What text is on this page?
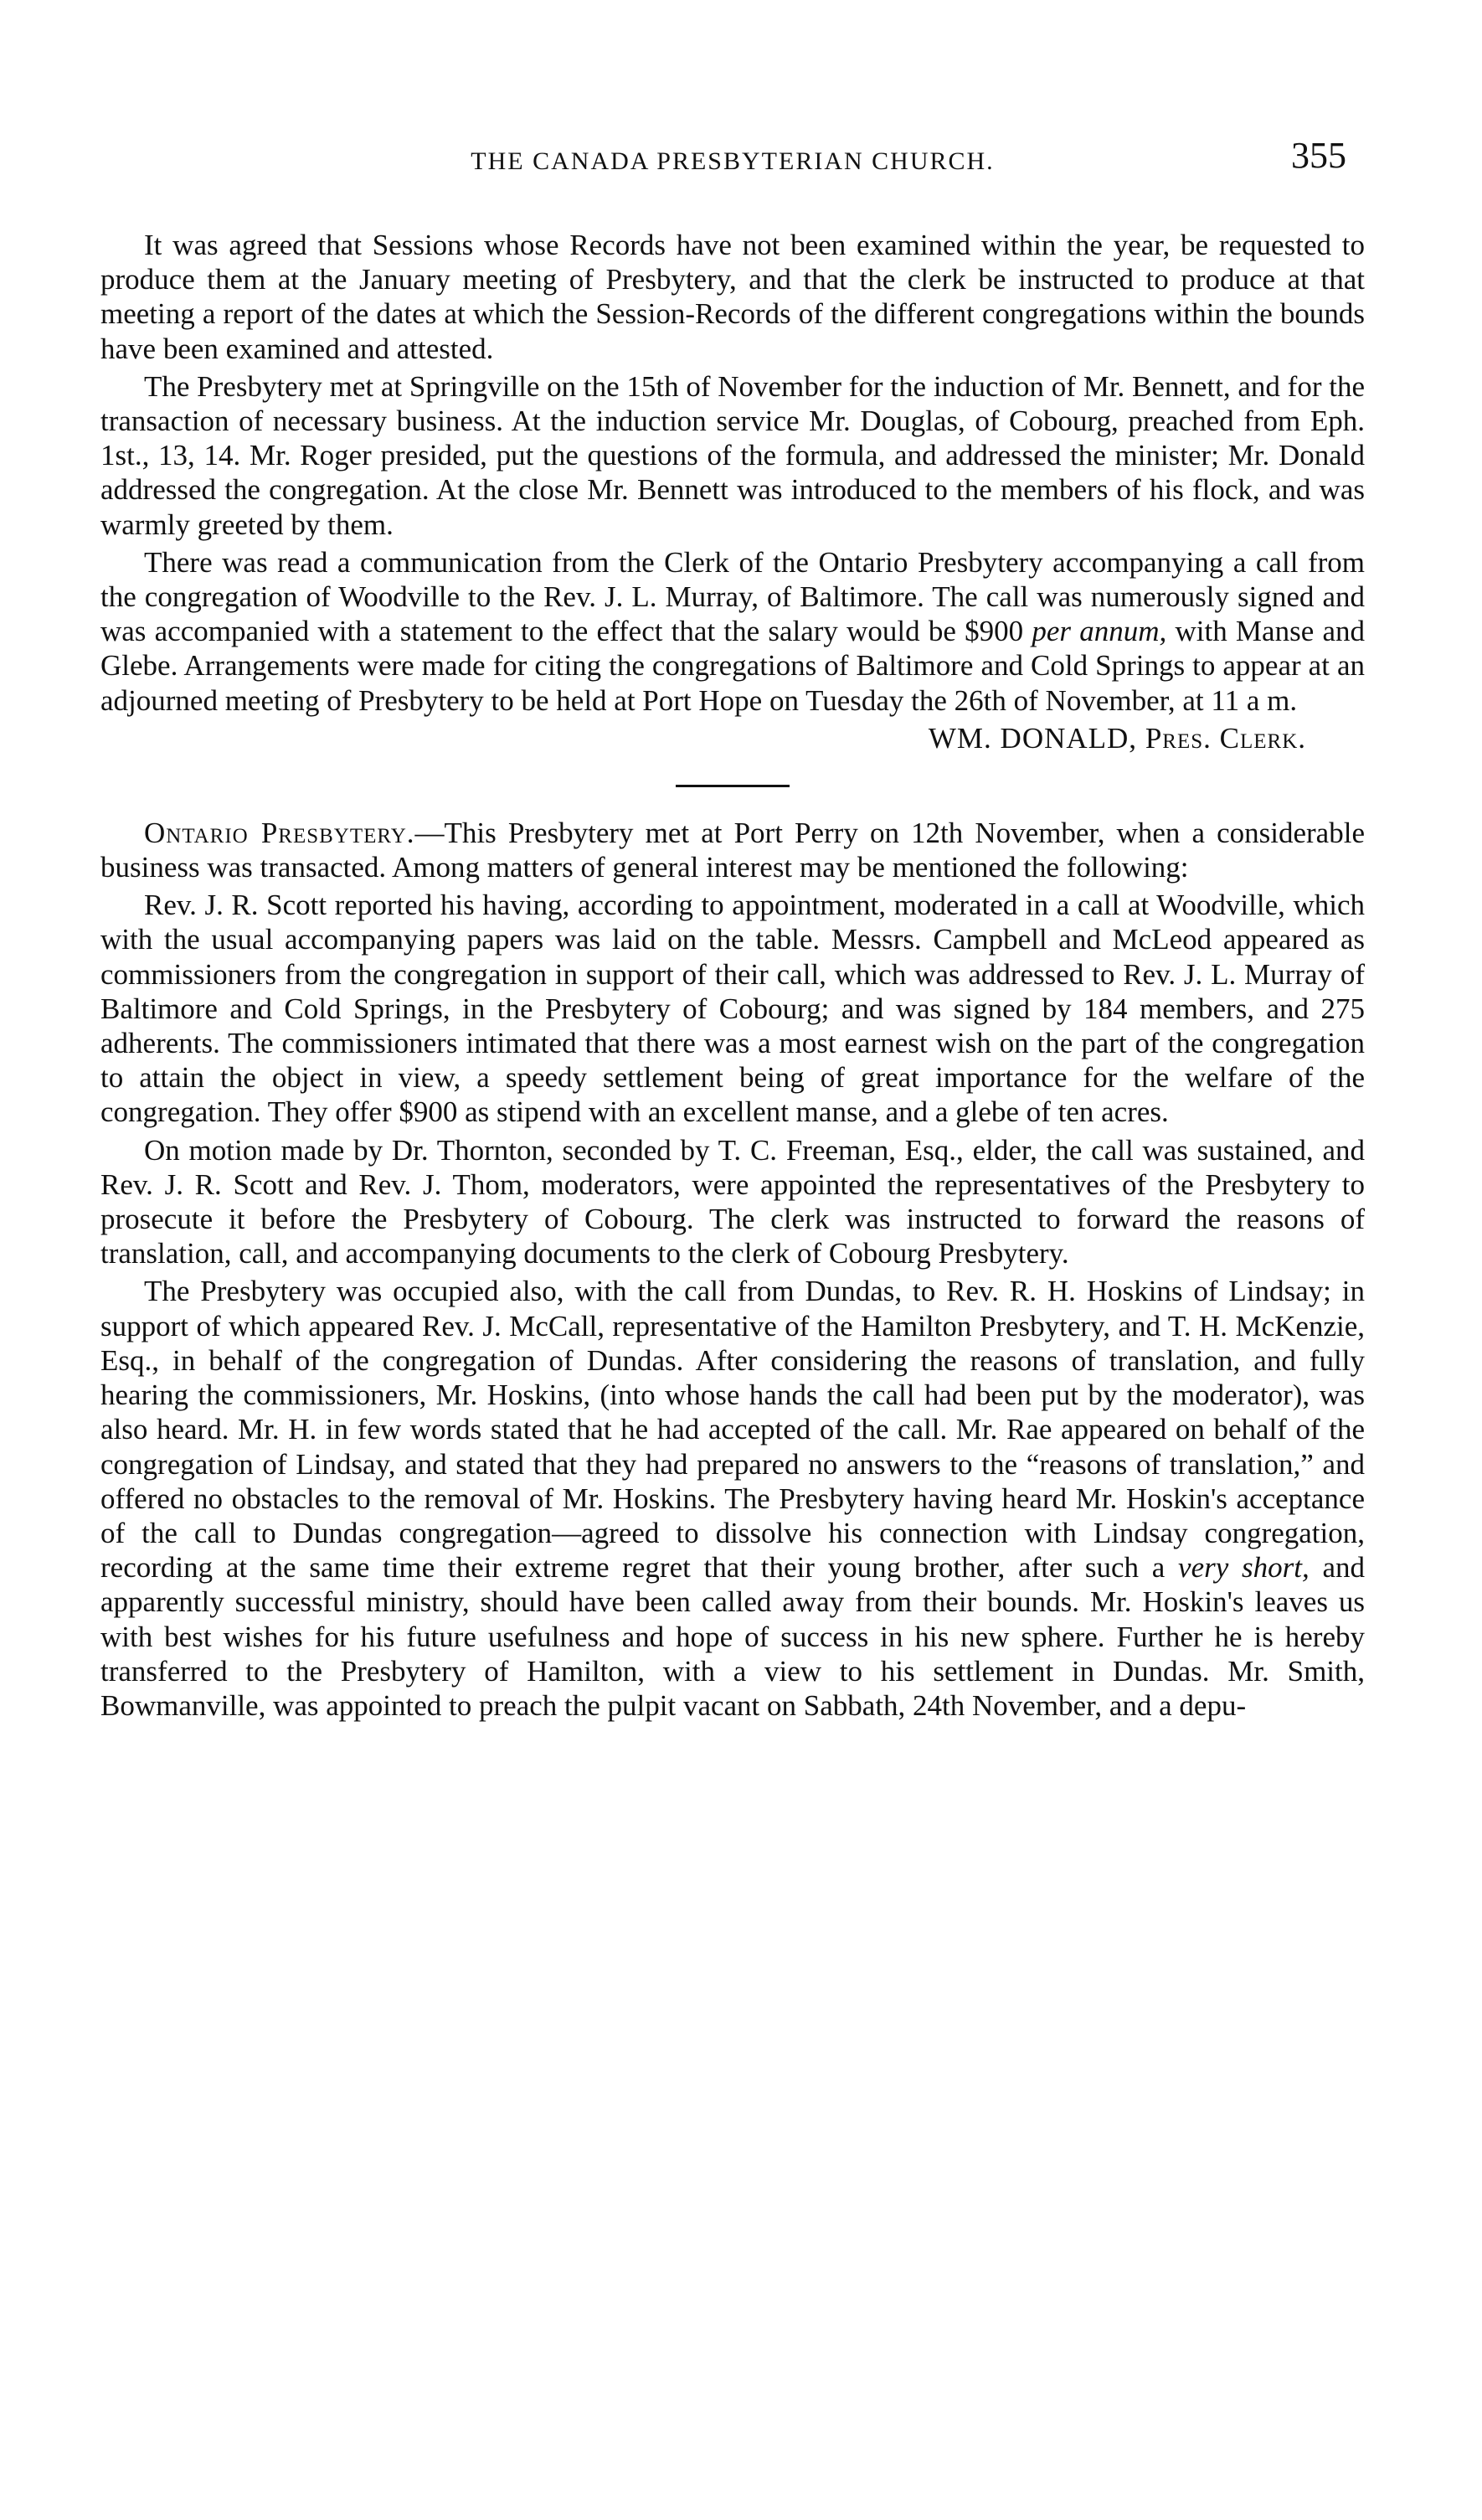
THE CANADA PRESBYTERIAN CHURCH.	355

It was agreed that Sessions whose Records have not been examined within the year, be requested to produce them at the January meeting of Presbytery, and that the clerk be instructed to produce at that meeting a report of the dates at which the Session-Records of the different congregations within the bounds have been examined and attested.

The Presbytery met at Springville on the 15th of November for the induction of Mr. Bennett, and for the transaction of necessary business. At the induction service Mr. Douglas, of Cobourg, preached from Eph. 1st., 13, 14. Mr. Roger presided, put the questions of the formula, and addressed the minister; Mr. Donald addressed the congregation. At the close Mr. Bennett was introduced to the members of his flock, and was warmly greeted by them.

There was read a communication from the Clerk of the Ontario Presbytery accompanying a call from the congregation of Woodville to the Rev. J. L. Murray, of Baltimore. The call was numerously signed and was accompanied with a statement to the effect that the salary would be $900 per annum, with Manse and Glebe. Arrangements were made for citing the congregations of Baltimore and Cold Springs to appear at an adjourned meeting of Presbytery to be held at Port Hope on Tuesday the 26th of November, at 11 a m.

WM. DONALD, Pres. Clerk.

Ontario Presbytery.—This Presbytery met at Port Perry on 12th November, when a considerable business was transacted. Among matters of general interest may be mentioned the following:

Rev. J. R. Scott reported his having, according to appointment, moderated in a call at Woodville, which with the usual accompanying papers was laid on the table. Messrs. Campbell and McLeod appeared as commissioners from the congregation in support of their call, which was addressed to Rev. J. L. Murray of Baltimore and Cold Springs, in the Presbytery of Cobourg; and was signed by 184 members, and 275 adherents. The commissioners intimated that there was a most earnest wish on the part of the congregation to attain the object in view, a speedy settlement being of great importance for the welfare of the congregation. They offer $900 as stipend with an excellent manse, and a glebe of ten acres.

On motion made by Dr. Thornton, seconded by T. C. Freeman, Esq., elder, the call was sustained, and Rev. J. R. Scott and Rev. J. Thom, moderators, were appointed the representatives of the Presbytery to prosecute it before the Presbytery of Cobourg. The clerk was instructed to forward the reasons of translation, call, and accompanying documents to the clerk of Cobourg Presbytery.

The Presbytery was occupied also, with the call from Dundas, to Rev. R. H. Hoskins of Lindsay; in support of which appeared Rev. J. McCall, representative of the Hamilton Presbytery, and T. H. McKenzie, Esq., in behalf of the congregation of Dundas. After considering the reasons of translation, and fully hearing the commissioners, Mr. Hoskins, (into whose hands the call had been put by the moderator), was also heard. Mr. H. in few words stated that he had accepted of the call. Mr. Rae appeared on behalf of the congregation of Lindsay, and stated that they had prepared no answers to the “reasons of translation,” and offered no obstacles to the removal of Mr. Hoskins. The Presbytery having heard Mr. Hoskin's acceptance of the call to Dundas congregation—agreed to dissolve his connection with Lindsay congregation, recording at the same time their extreme regret that their young brother, after such a very short, and apparently successful ministry, should have been called away from their bounds. Mr. Hoskin's leaves us with best wishes for his future usefulness and hope of success in his new sphere. Further he is hereby transferred to the Presbytery of Hamilton, with a view to his settlement in Dundas. Mr. Smith, Bowmanville, was appointed to preach the pulpit vacant on Sabbath, 24th November, and a depu-
